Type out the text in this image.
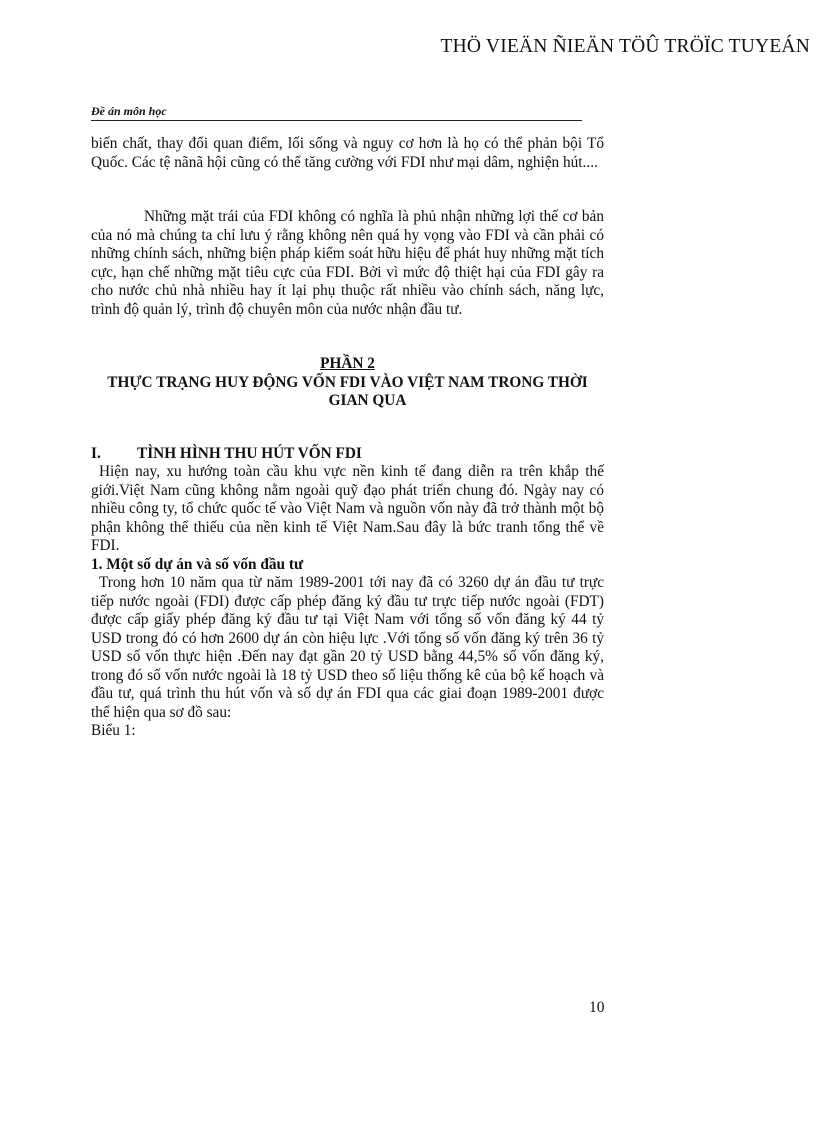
THÖ VIEÄN ÑIEÄN TÖÛ TRÖÏC TUYEÁN
Đề án môn học

biến chất, thay đổi quan điểm, lối sống và nguy cơ hơn là họ có thể phản bội Tổ Quốc. Các tệ nãnã hội cũng có thể tăng cường với FDI như mại dâm, nghiện hút....

Những mặt trái của FDI không có nghĩa là phủ nhận những lợi thế cơ bản của nó mà chúng ta chỉ lưu ý rằng không nên quá hy vọng vào FDI và cần phải có những chính sách, những biện pháp kiểm soát hữu hiệu để phát huy những mặt tích cực, hạn chế những mặt tiêu cực của FDI. Bởi vì mức độ thiệt hại của FDI gây ra cho nước chủ nhà nhiều hay ít lại phụ thuộc rất nhiều vào chính sách, năng lực, trình độ quản lý, trình độ chuyên môn của nước nhận đầu tư.

PHẦN 2
THỰC TRẠNG HUY ĐỘNG VỐN FDI VÀO VIỆT NAM TRONG THỜI
GIAN QUA

I.	TÌNH HÌNH THU HÚT VỐN FDI

Hiện nay, xu hướng toàn cầu khu vực nền kinh tế đang diễn ra trên khắp thế giới.Việt Nam cũng không nằm ngoài quỹ đạo phát triển chung đó. Ngày nay có nhiều công ty, tổ chức quốc tế vào Việt Nam và nguồn vốn này đã trở thành một bộ phận không thể thiếu của nền kinh tế Việt Nam.Sau đây là bức tranh tổng thể về FDI.

1. Một số dự án và số vốn đầu tư

Trong hơn 10 năm qua từ năm 1989-2001 tới nay đã có 3260 dự án đầu tư trực tiếp nước ngoài (FDI) được cấp phép đăng ký đầu tư trực tiếp nước ngoài (FDT) được cấp giấy phép đăng ký đầu tư tại Việt Nam với tổng số vốn đăng ký 44 tỷ USD trong đó có hơn 2600 dự án còn hiệu lực .Với tổng số vốn đăng ký trên 36 tỷ USD số vốn thực hiện .Đến nay đạt gần 20 tỷ USD bằng 44,5% số vốn đăng ký, trong đó số vốn nước ngoài là 18 tỷ USD theo số liệu thống kê của bộ kế hoạch và đầu tư, quá trình thu hút vốn và số dự án FDI qua các giai đoạn 1989-2001 được thể hiện qua sơ đồ sau:

Biểu 1:

10
